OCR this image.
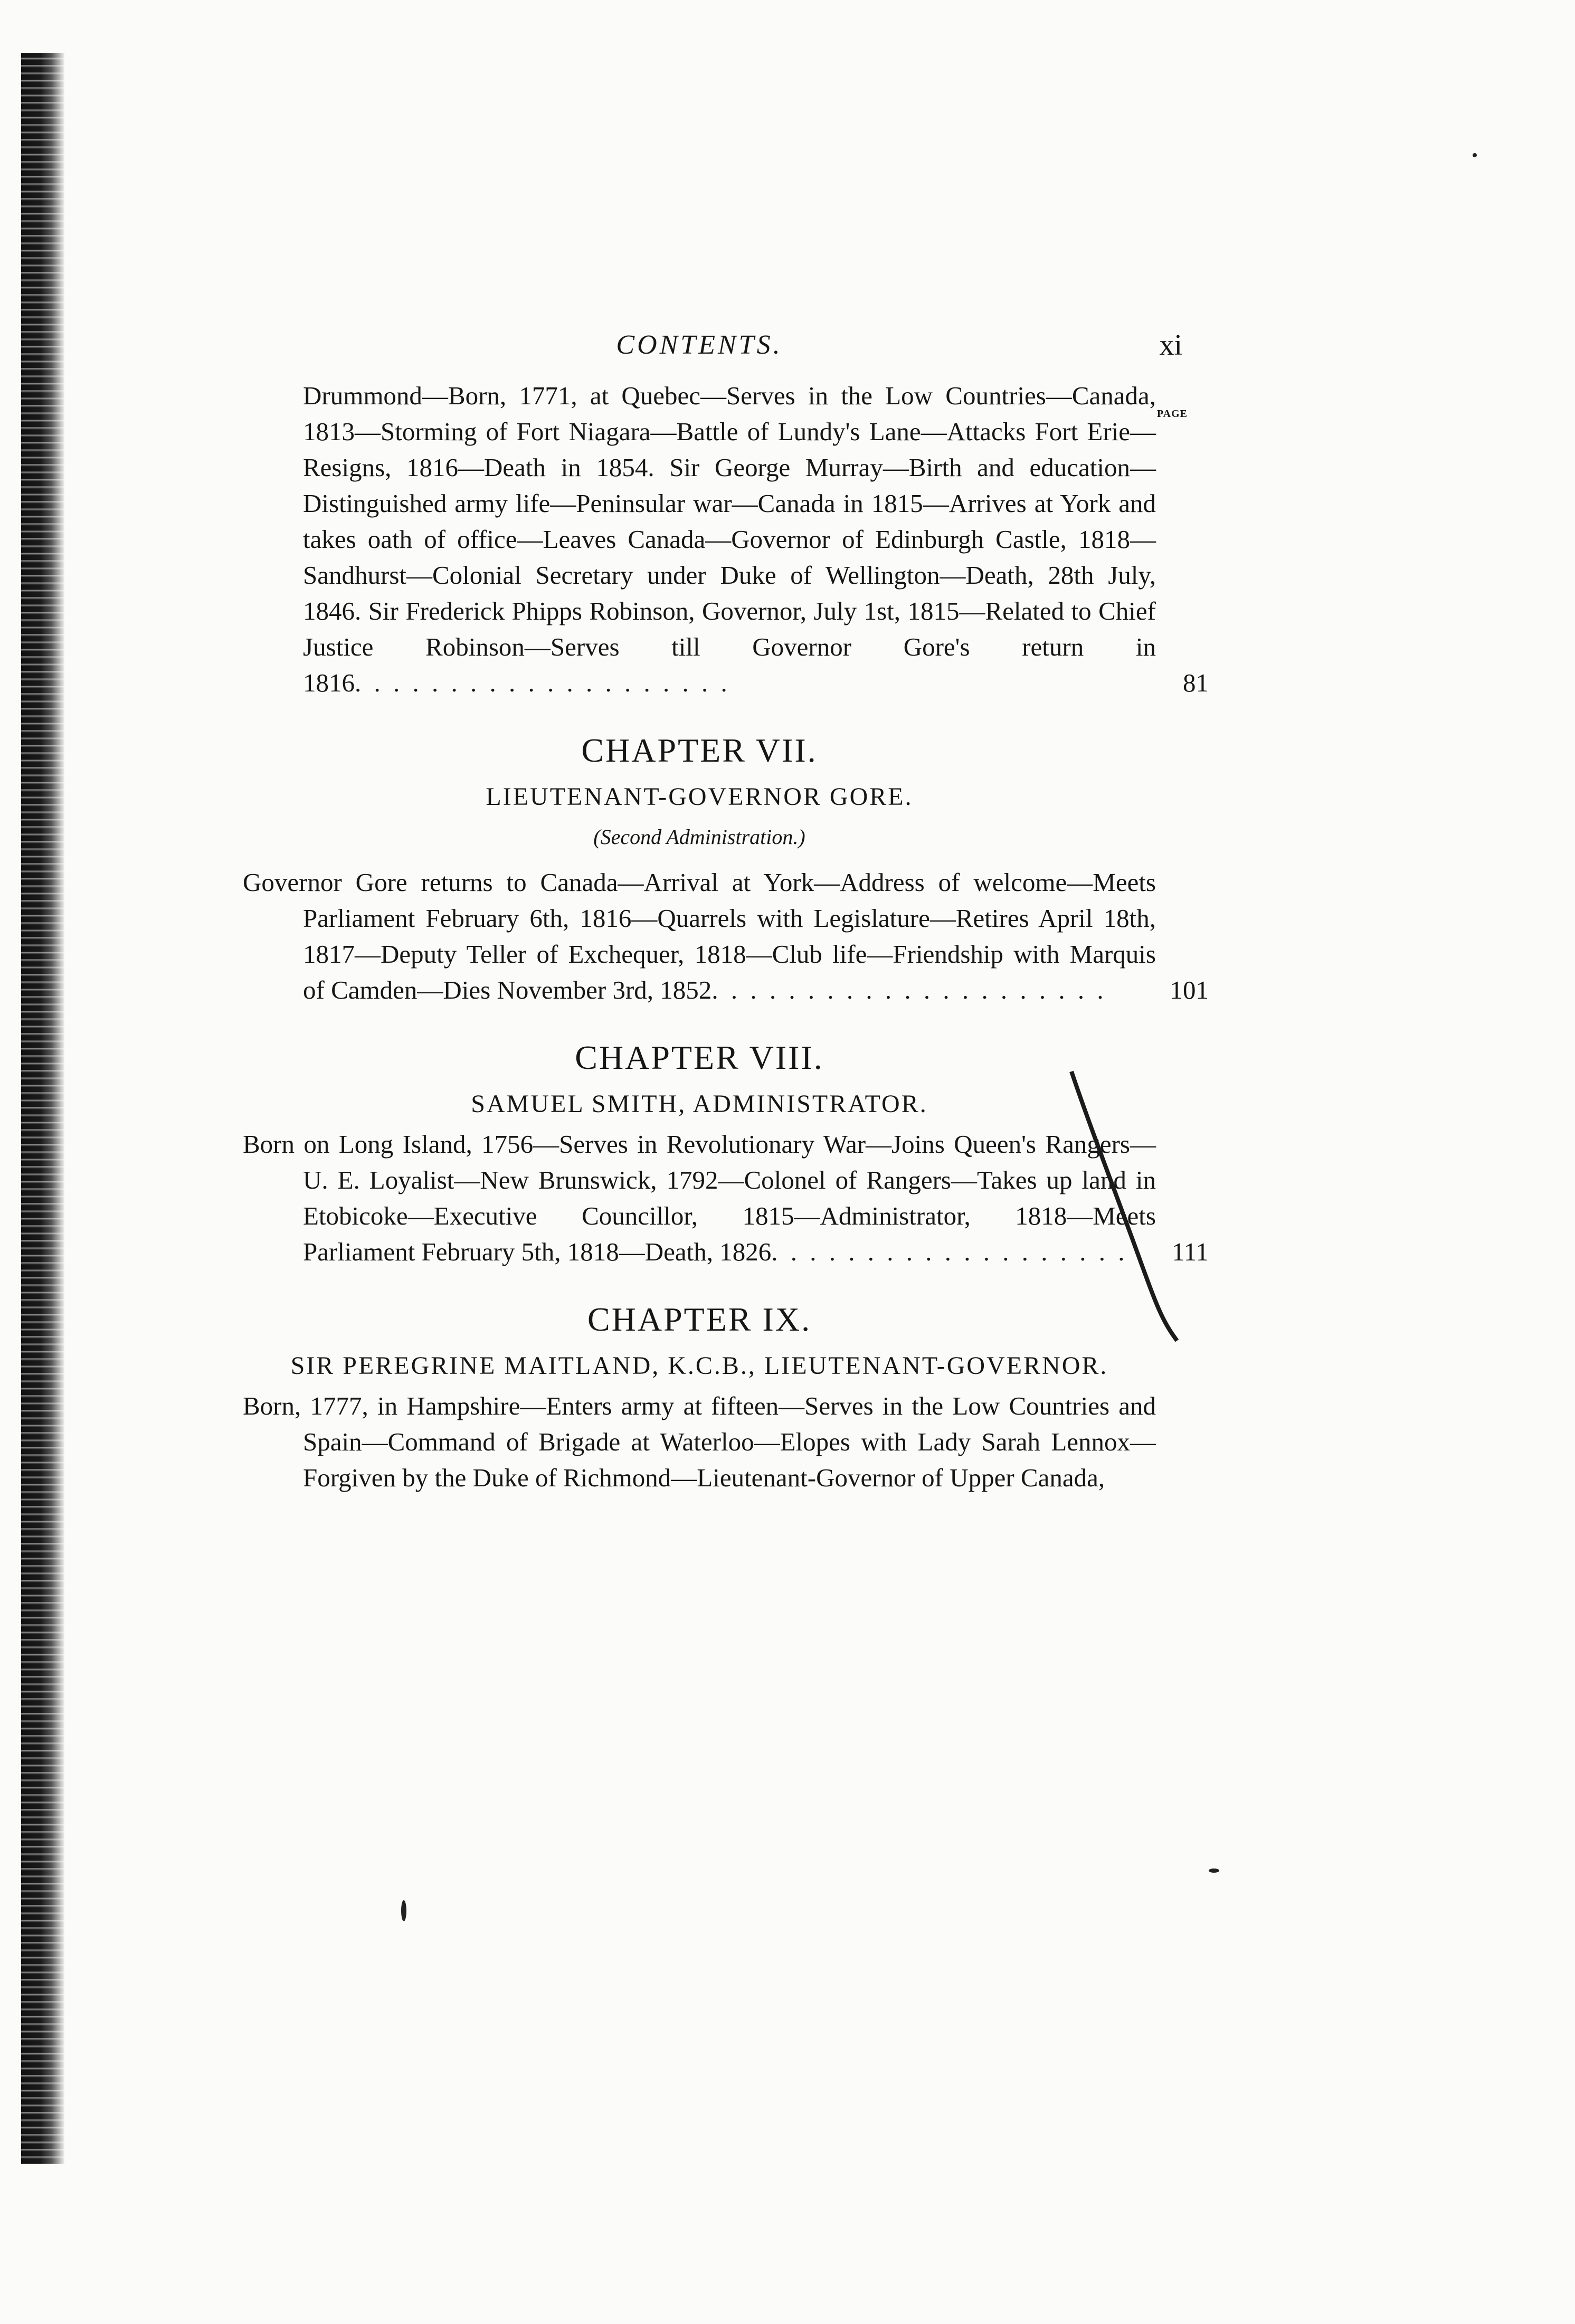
CONTENTS.	xi
PAGE
Drummond—Born, 1771, at Quebec—Serves in the Low Countries—Canada, 1813—Storming of Fort Niagara—Battle of Lundy's Lane—Attacks Fort Erie—Resigns, 1816—Death in 1854. Sir George Murray—Birth and education—Distinguished army life—Peninsular war—Canada in 1815—Arrives at York and takes oath of office—Leaves Canada—Governor of Edinburgh Castle, 1818—Sandhurst—Colonial Secretary under Duke of Wellington—Death, 28th July, 1846. Sir Frederick Phipps Robinson, Governor, July 1st, 1815—Related to Chief Justice Robinson—Serves till Governor Gore's return in 1816. . . . . . . . . . . . . . . . . . . .	81
CHAPTER VII.
LIEUTENANT-GOVERNOR GORE.
(Second Administration.)
Governor Gore returns to Canada—Arrival at York—Address of welcome—Meets Parliament February 6th, 1816—Quarrels with Legislature—Retires April 18th, 1817—Deputy Teller of Exchequer, 1818—Club life—Friendship with Marquis of Camden—Dies November 3rd, 1852. . . . . . . . . . . . . . . . . . . . . 101
CHAPTER VIII.
SAMUEL SMITH, ADMINISTRATOR.
Born on Long Island, 1756—Serves in Revolutionary War—Joins Queen's Rangers—U. E. Loyalist—New Brunswick, 1792—Colonel of Rangers—Takes up land in Etobicoke—Executive Councillor, 1815—Administrator, 1818—Meets Parliament February 5th, 1818—Death, 1826. . . . . . . . . . . . . . . . . . . . 111
CHAPTER IX.
SIR PEREGRINE MAITLAND, K.C.B., LIEUTENANT-GOVERNOR.
Born, 1777, in Hampshire—Enters army at fifteen—Serves in the Low Countries and Spain—Command of Brigade at Waterloo—Elopes with Lady Sarah Lennox—Forgiven by the Duke of Richmond—Lieutenant-Governor of Upper Canada,
